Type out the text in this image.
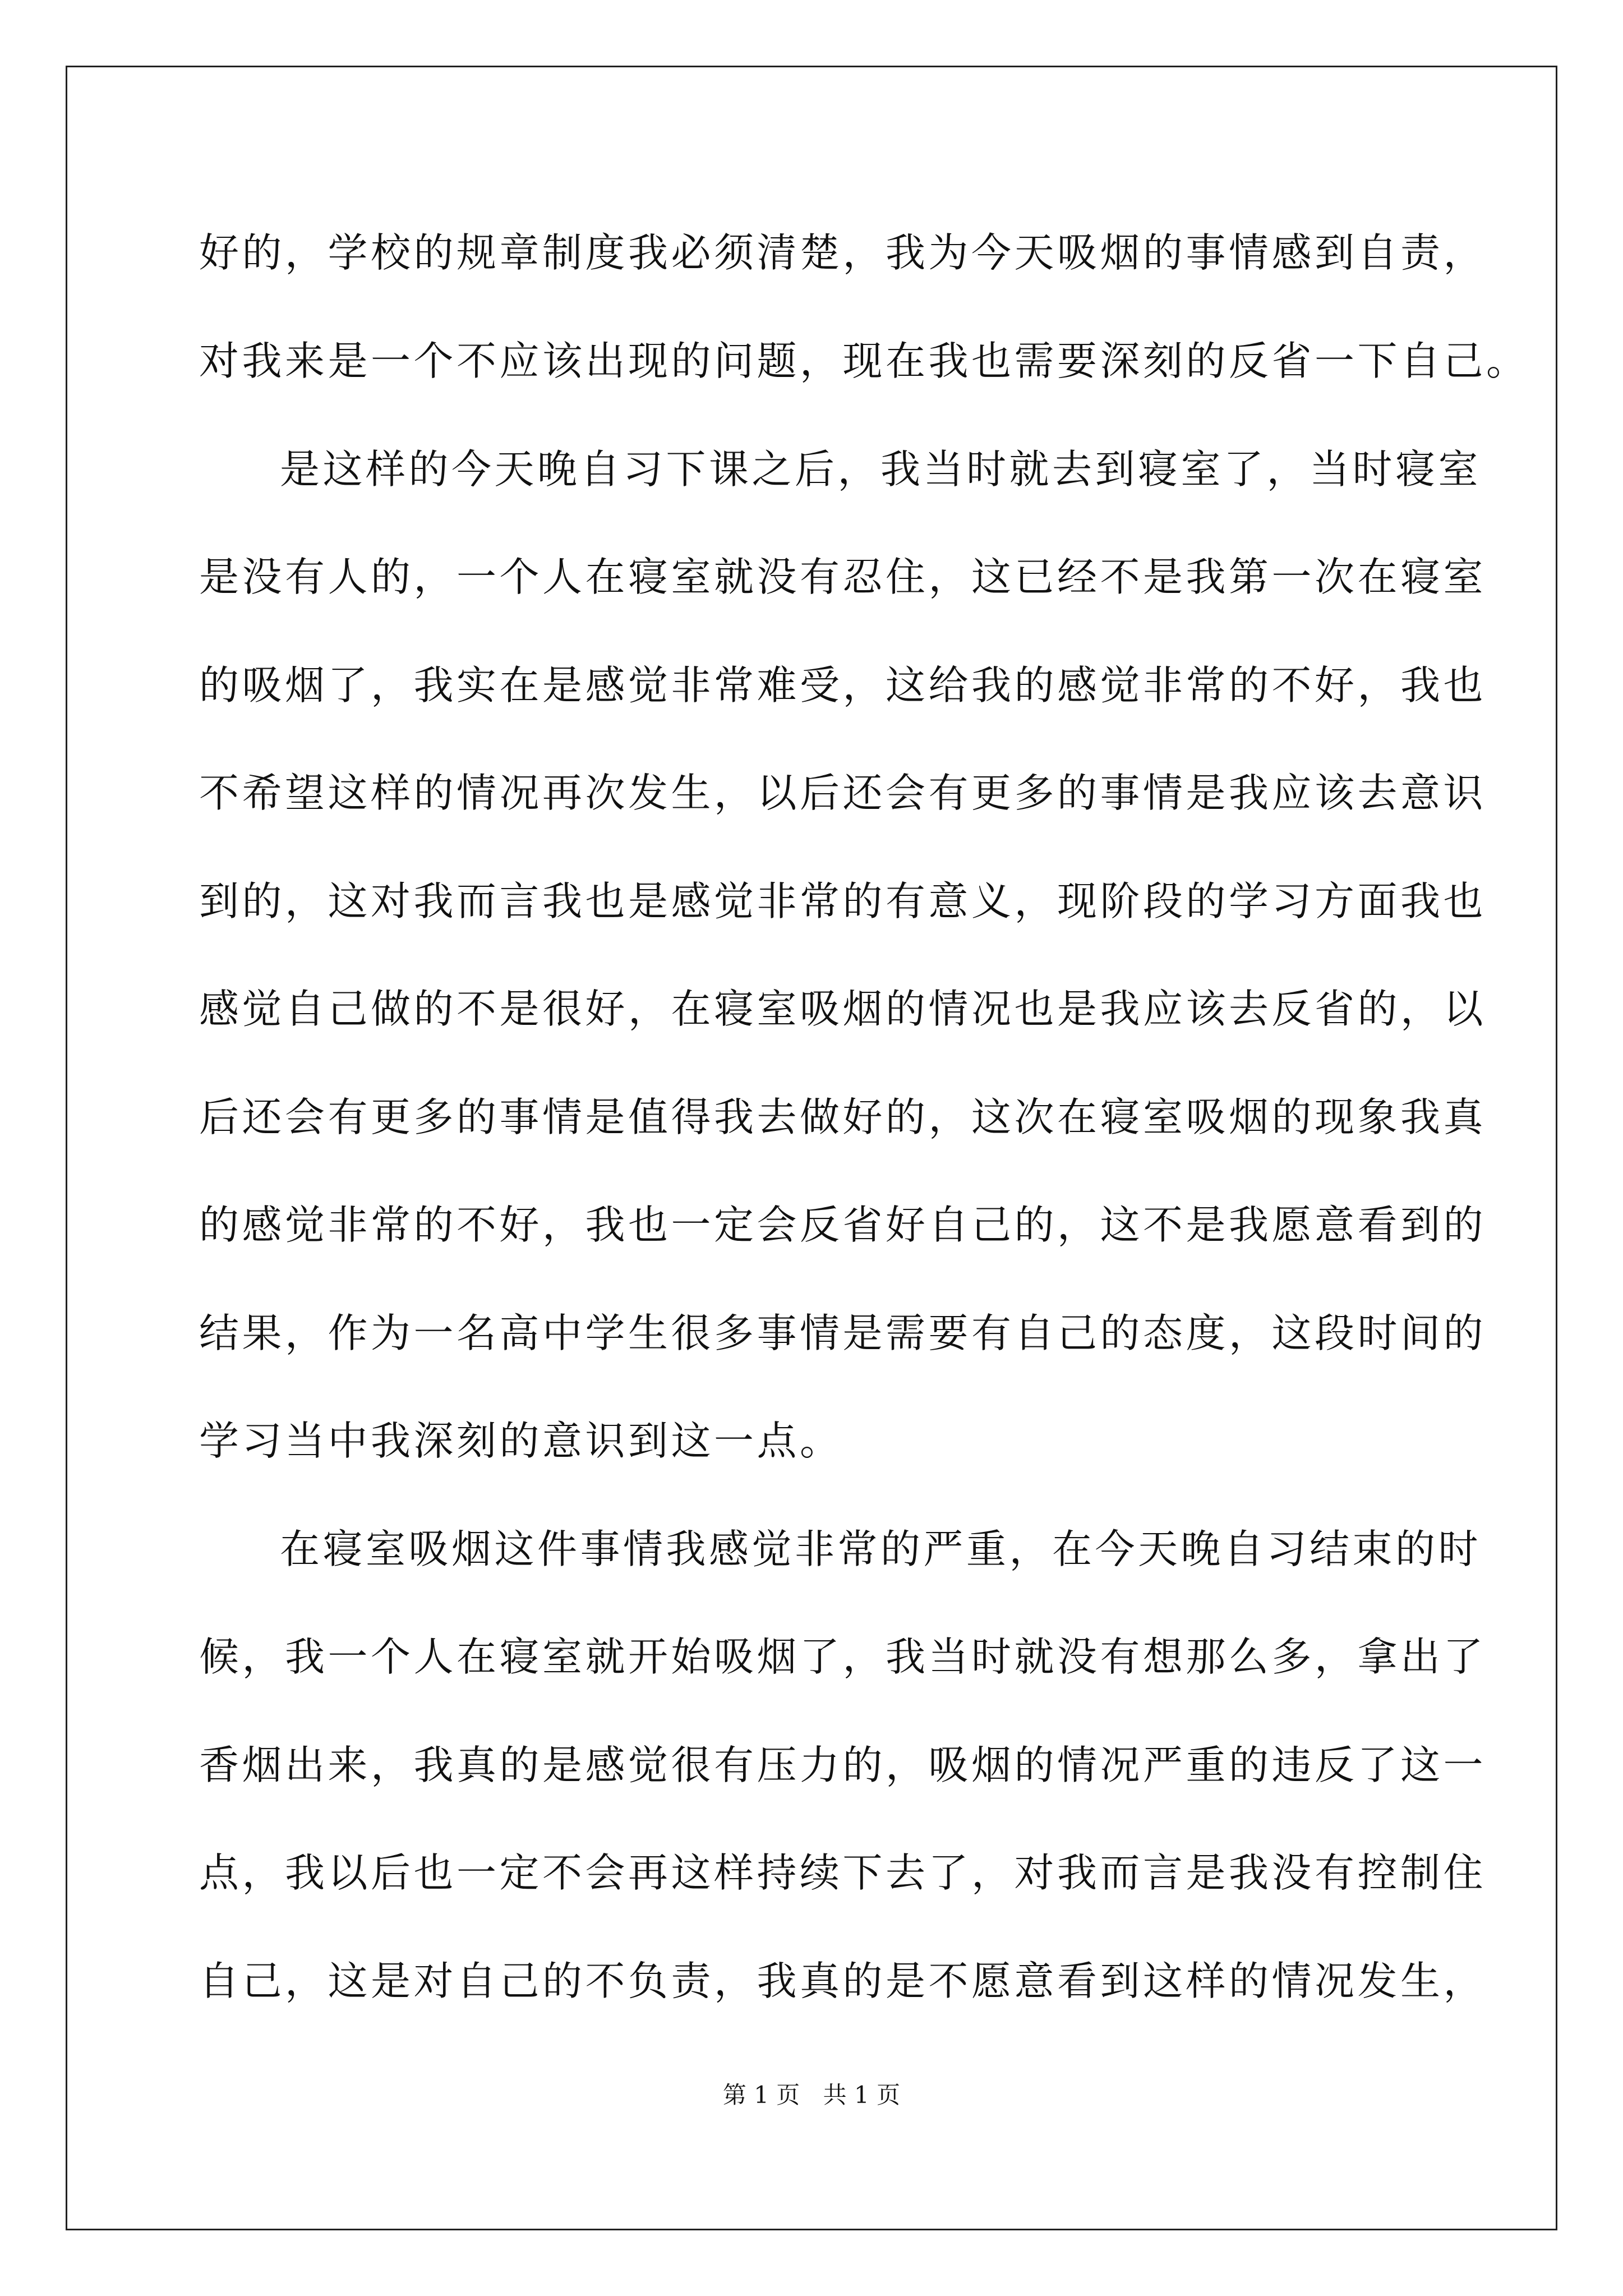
好的，学校的规章制度我必须清楚，我为今天吸烟的事情感到自责，
对我来是一个不应该出现的问题，现在我也需要深刻的反省一下自己。
是这样的今天晚自习下课之后，我当时就去到寝室了，当时寝室
是没有人的，一个人在寝室就没有忍住，这已经不是我第一次在寝室
的吸烟了，我实在是感觉非常难受，这给我的感觉非常的不好，我也
不希望这样的情况再次发生，以后还会有更多的事情是我应该去意识
到的，这对我而言我也是感觉非常的有意义，现阶段的学习方面我也
感觉自己做的不是很好，在寝室吸烟的情况也是我应该去反省的，以
后还会有更多的事情是值得我去做好的，这次在寝室吸烟的现象我真
的感觉非常的不好，我也一定会反省好自己的，这不是我愿意看到的
结果，作为一名高中学生很多事情是需要有自己的态度，这段时间的
学习当中我深刻的意识到这一点。
在寝室吸烟这件事情我感觉非常的严重，在今天晚自习结束的时
候，我一个人在寝室就开始吸烟了，我当时就没有想那么多，拿出了
香烟出来，我真的是感觉很有压力的，吸烟的情况严重的违反了这一
点，我以后也一定不会再这样持续下去了，对我而言是我没有控制住
自己，这是对自己的不负责，我真的是不愿意看到这样的情况发生，
第 1 页 共 1 页
